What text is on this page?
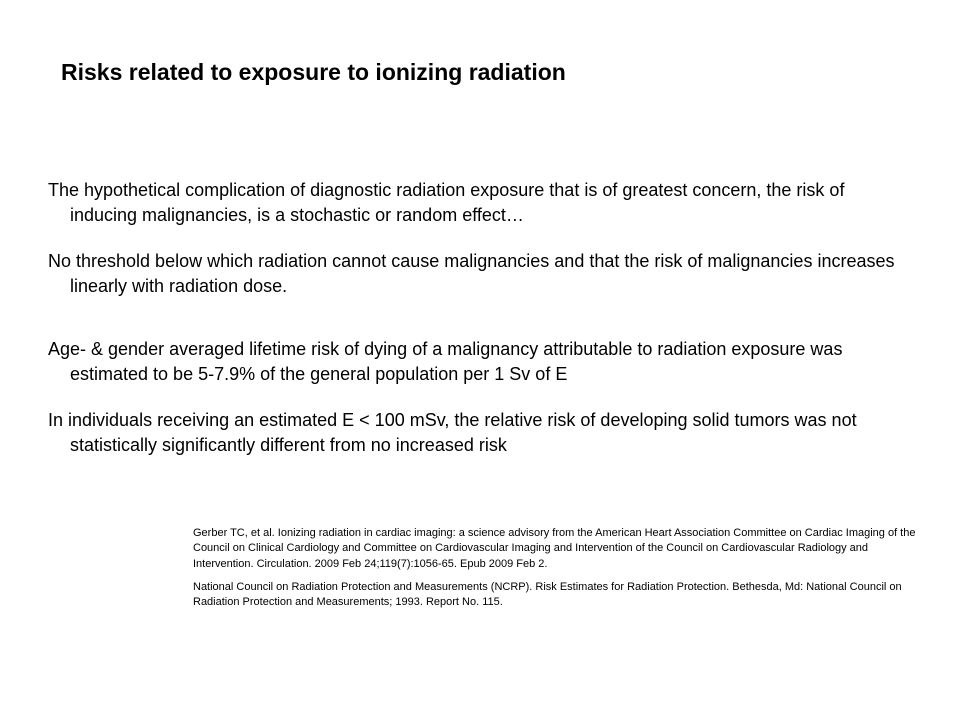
Risks related to exposure to ionizing radiation

The hypothetical complication of diagnostic radiation exposure that is of greatest concern, the risk of inducing malignancies, is a stochastic or random effect…

No threshold below which radiation cannot cause malignancies and that the risk of malignancies increases linearly with radiation dose.

Age- & gender averaged lifetime risk of dying of a malignancy attributable to radiation exposure was estimated to be 5-7.9% of the general population per 1 Sv of E

In individuals receiving an estimated E < 100 mSv, the relative risk of developing solid tumors was not statistically significantly different from no increased risk

Gerber TC, et al. Ionizing radiation in cardiac imaging: a science advisory from the American Heart Association Committee on Cardiac Imaging of the Council on Clinical Cardiology and Committee on Cardiovascular Imaging and Intervention of the Council on Cardiovascular Radiology and Intervention. Circulation. 2009 Feb 24;119(7):1056-65. Epub 2009 Feb 2.

National Council on Radiation Protection and Measurements (NCRP). Risk Estimates for Radiation Protection. Bethesda, Md: National Council on Radiation Protection and Measurements; 1993. Report No. 115.
